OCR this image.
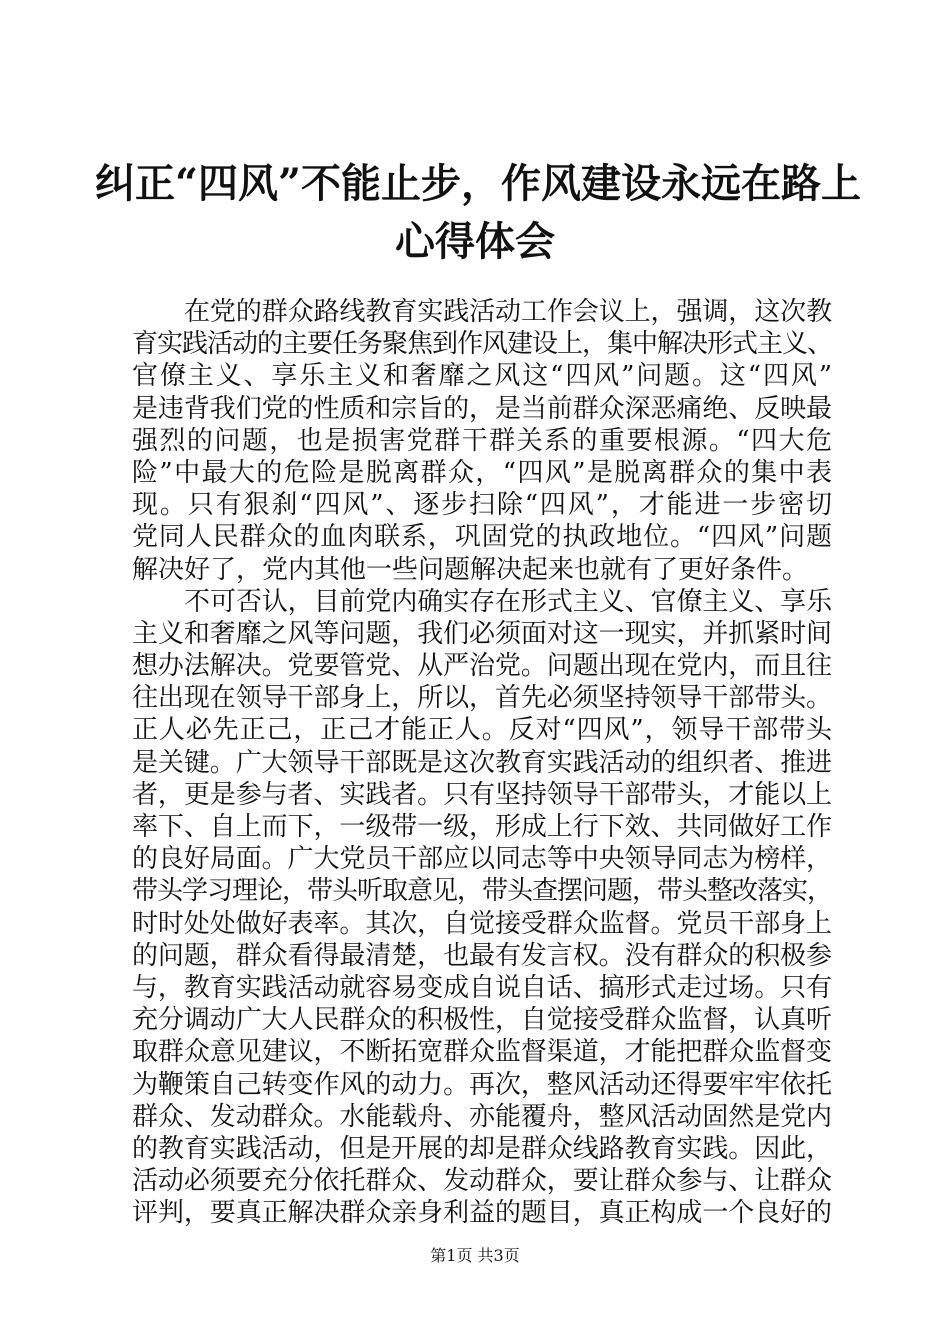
纠正“四风”不能止步，作风建设永远在路上
心得体会
在党的群众路线教育实践活动工作会议上，强调，这次教
育实践活动的主要任务聚焦到作风建设上，集中解决形式主义、
官僚主义、享乐主义和奢靡之风这“四风”问题。这“四风”
是违背我们党的性质和宗旨的，是当前群众深恶痛绝、反映最
强烈的问题，也是损害党群干群关系的重要根源。“四大危
险”中最大的危险是脱离群众，“四风”是脱离群众的集中表
现。只有狠刹“四风”、逐步扫除“四风”，才能进一步密切
党同人民群众的血肉联系，巩固党的执政地位。“四风”问题
解决好了，党内其他一些问题解决起来也就有了更好条件。
不可否认，目前党内确实存在形式主义、官僚主义、享乐
主义和奢靡之风等问题，我们必须面对这一现实，并抓紧时间
想办法解决。党要管党、从严治党。问题出现在党内，而且往
往出现在领导干部身上，所以，首先必须坚持领导干部带头。
正人必先正己，正己才能正人。反对“四风”，领导干部带头
是关键。广大领导干部既是这次教育实践活动的组织者、推进
者，更是参与者、实践者。只有坚持领导干部带头，才能以上
率下、自上而下，一级带一级，形成上行下效、共同做好工作
的良好局面。广大党员干部应以同志等中央领导同志为榜样，
带头学习理论，带头听取意见，带头查摆问题，带头整改落实，
时时处处做好表率。其次，自觉接受群众监督。党员干部身上
的问题，群众看得最清楚，也最有发言权。没有群众的积极参
与，教育实践活动就容易变成自说自话、搞形式走过场。只有
充分调动广大人民群众的积极性，自觉接受群众监督，认真听
取群众意见建议，不断拓宽群众监督渠道，才能把群众监督变
为鞭策自己转变作风的动力。再次，整风活动还得要牢牢依托
群众、发动群众。水能载舟、亦能覆舟，整风活动固然是党内
的教育实践活动，但是开展的却是群众线路教育实践。因此，
活动必须要充分依托群众、发动群众，要让群众参与、让群众
评判，要真正解决群众亲身利益的题目，真正构成一个良好的
第1页 共3页
